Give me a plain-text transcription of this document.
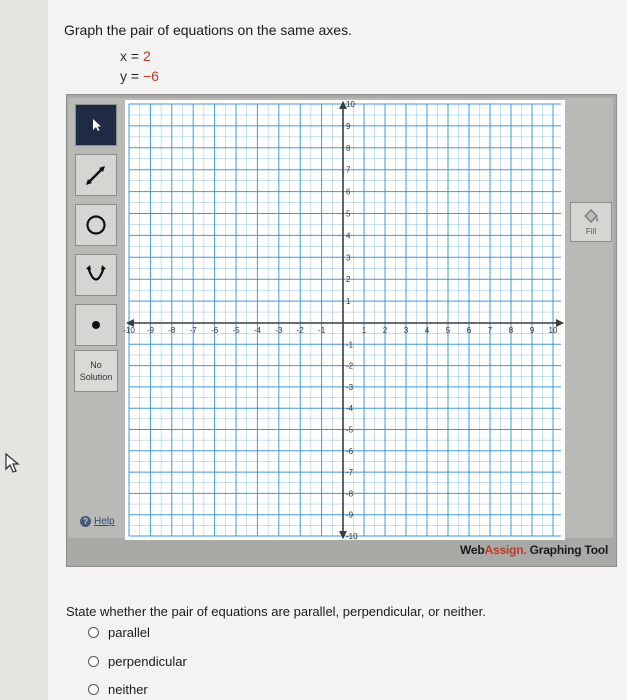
Graph the pair of equations on the same axes.
x = 2
y = −6
No Solution
? Help
Fill
-10 -9 -8 -7 -6 -5 -4 -3 -2 -1	1 2 3 4 5 6 7 8 9 10
10
9
8
7
6
5
4
3
2
1
-1
-2
-3
-4
-5
-6
-7
-8
-9
-10
WebAssign. Graphing Tool
State whether the pair of equations are parallel, perpendicular, or neither.
parallel
perpendicular
neither
